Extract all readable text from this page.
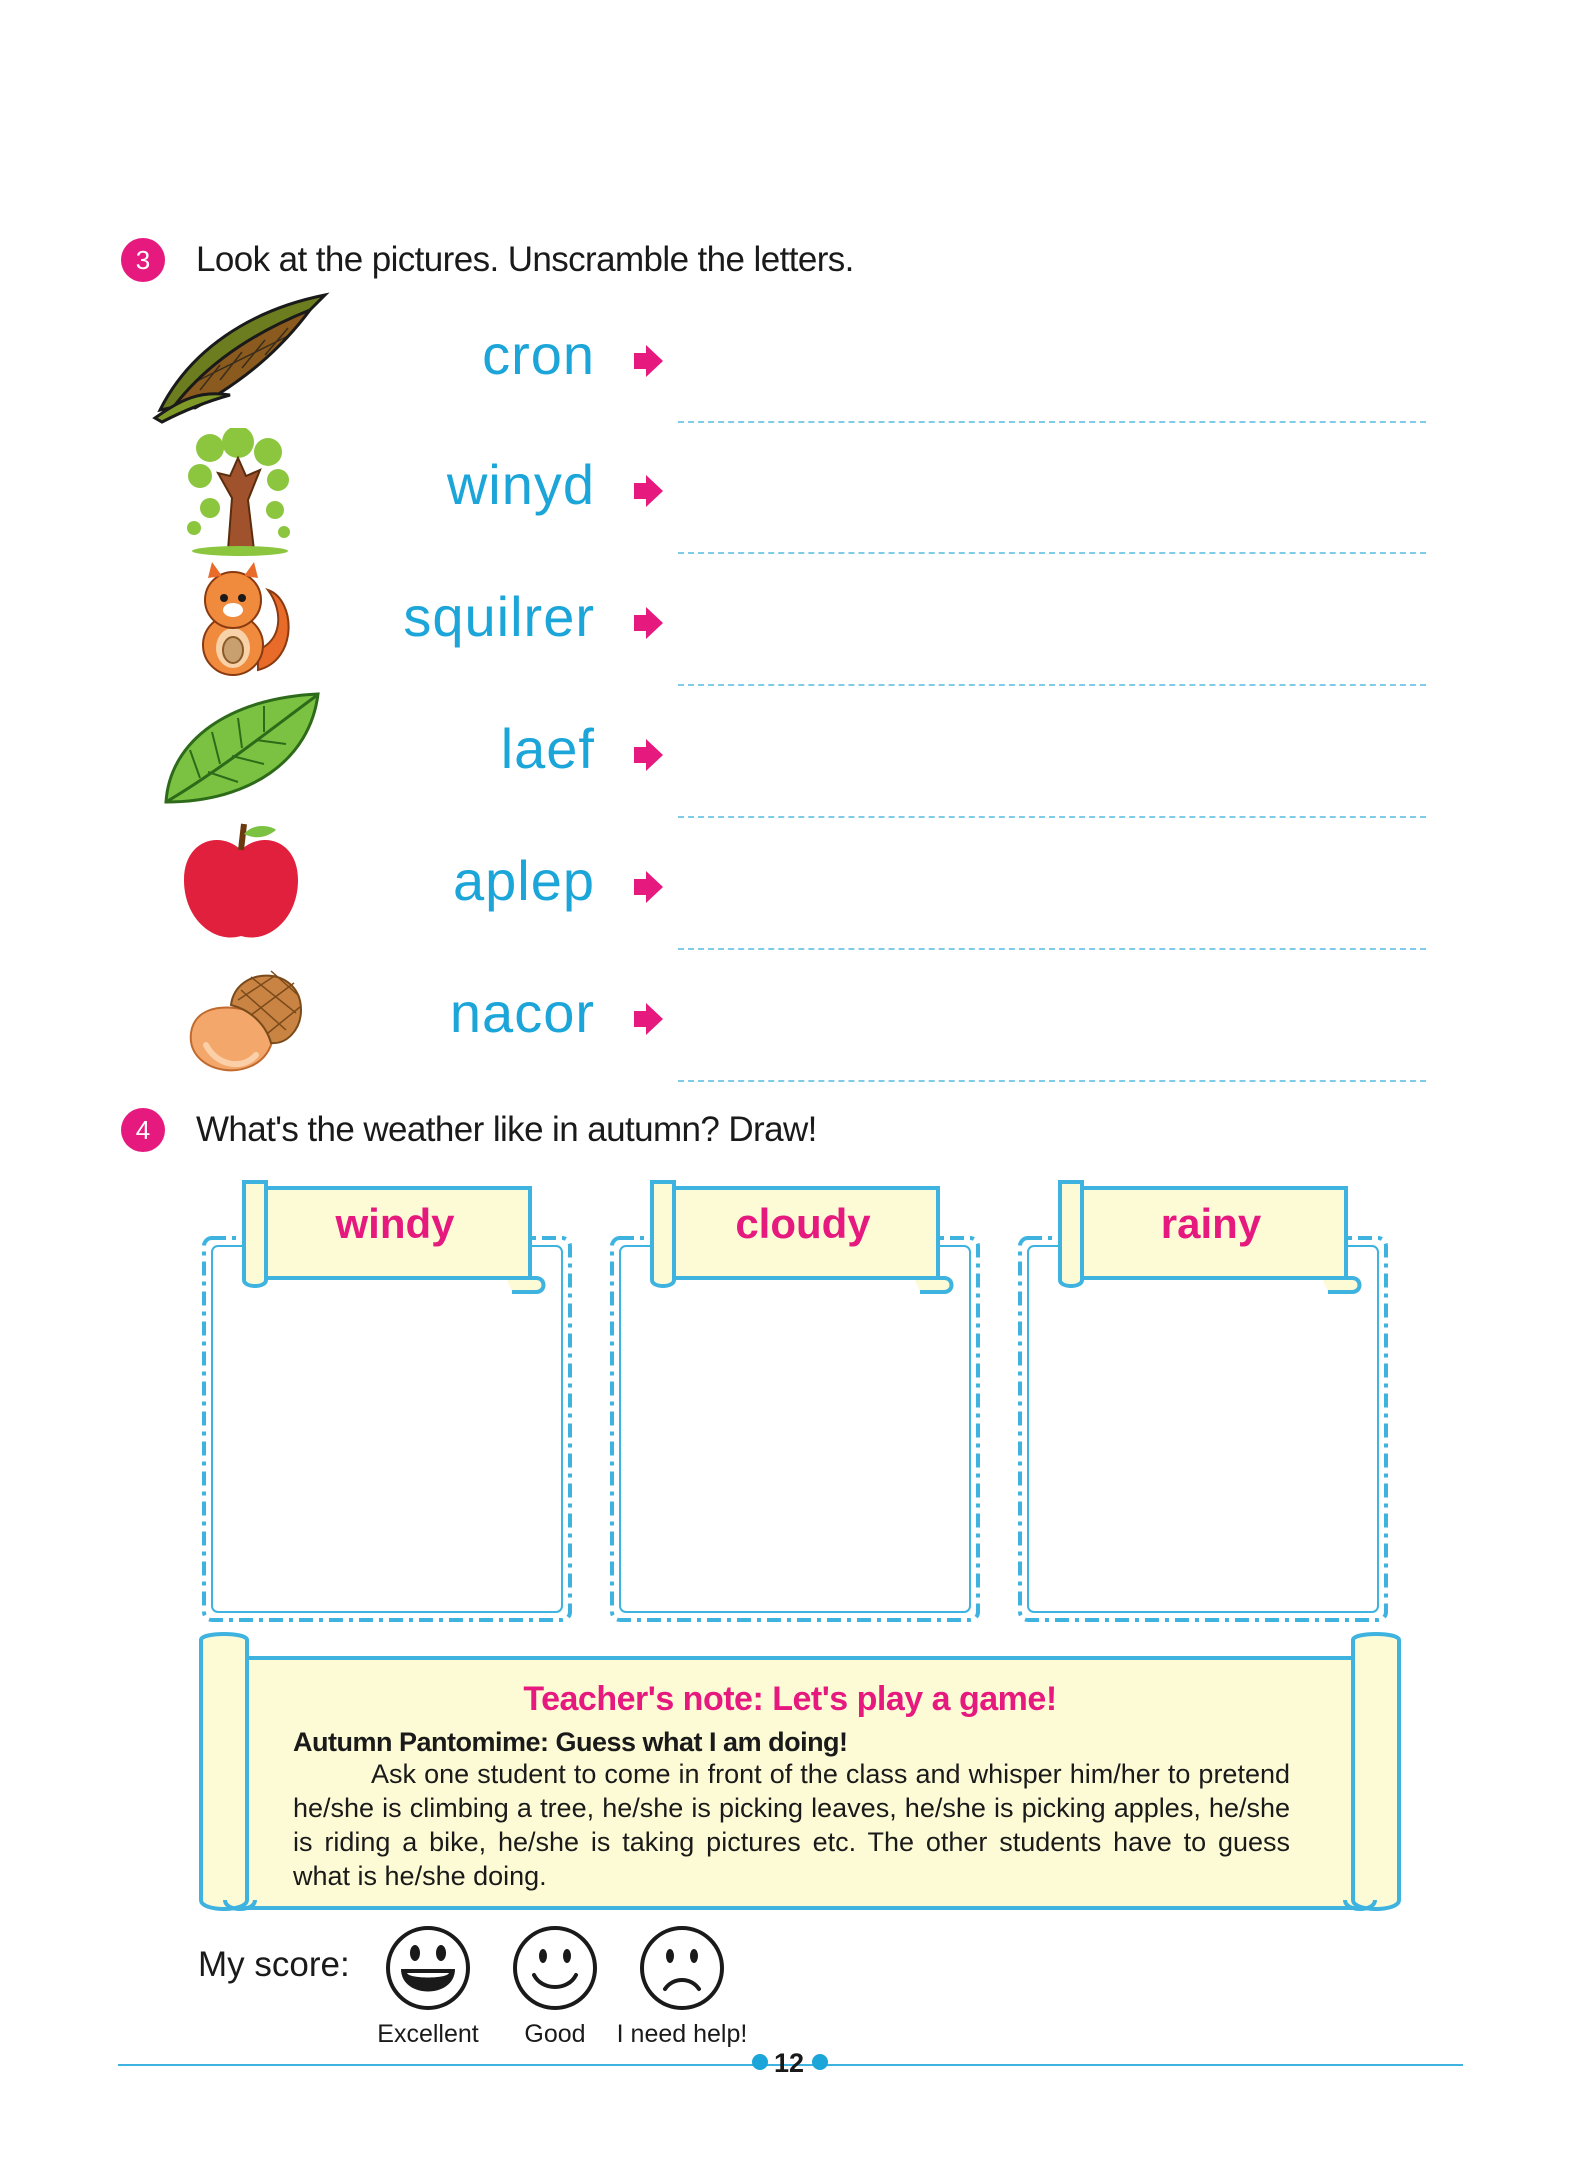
3	Look at the pictures. Unscramble the letters.
cron
winyd
squilrer
laef
aplep
nacor
4	What's the weather like in autumn? Draw!
windy	cloudy	rainy
Teacher's note: Let's play a game!
Autumn Pantomime: Guess what I am doing!
Ask one student to come in front of the class and whisper him/her to pretend he/she is climbing a tree, he/she is picking leaves, he/she is picking apples, he/she is riding a bike, he/she is taking pictures etc. The other students have to guess what is he/she doing.
My score:
Excellent	Good	I need help!
12
